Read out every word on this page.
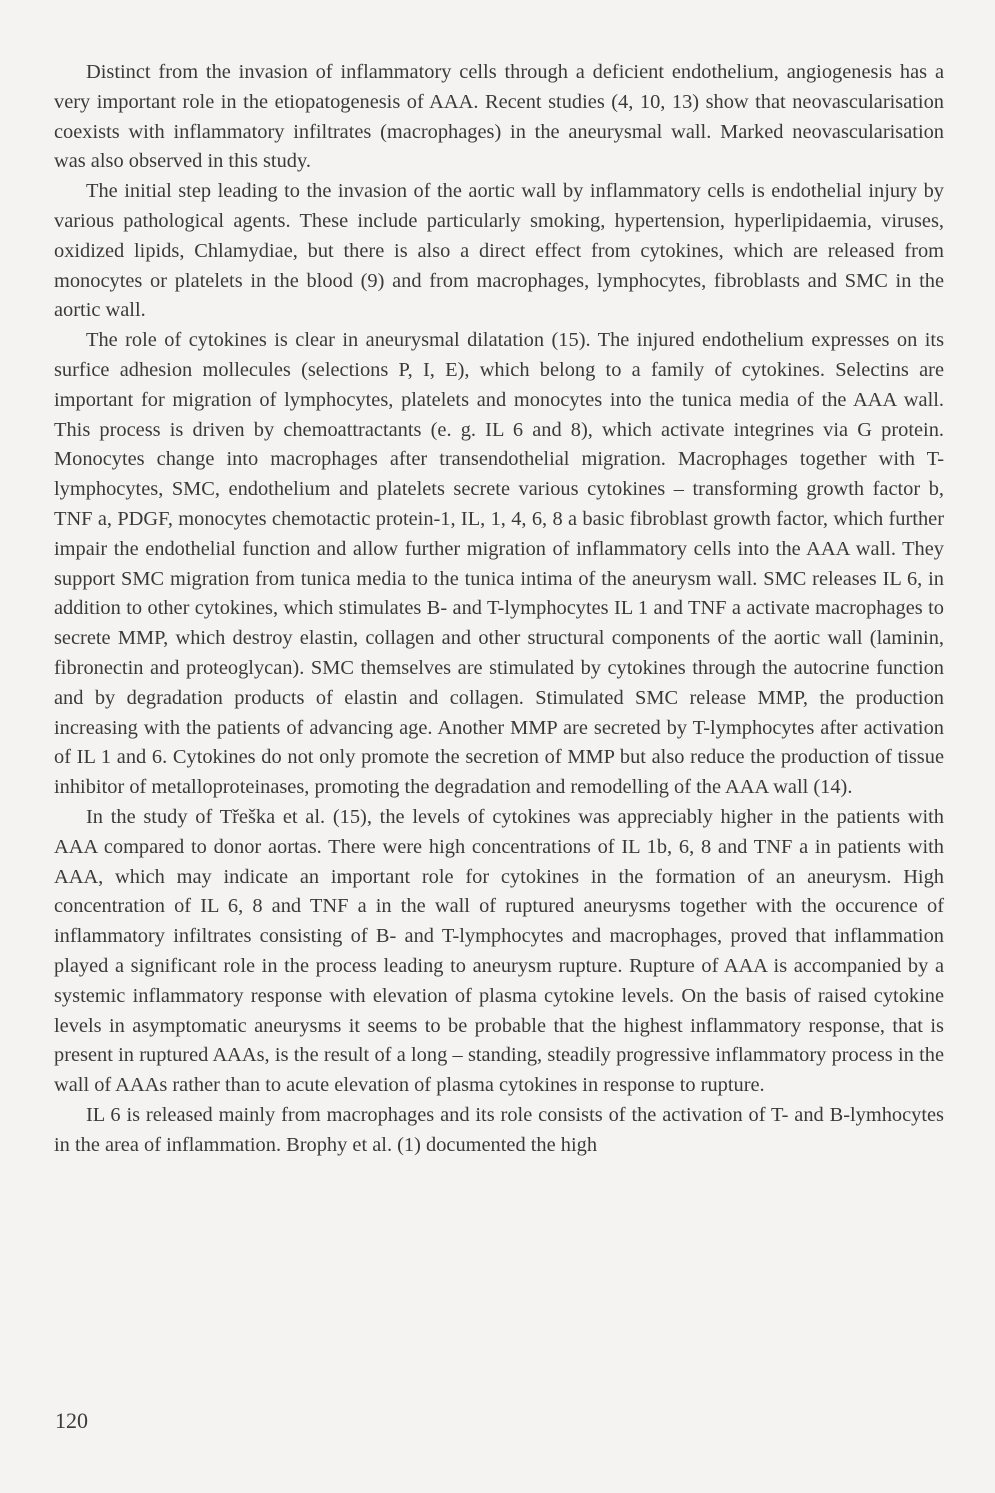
Distinct from the invasion of inflammatory cells through a deficient endothelium, angiogenesis has a very important role in the etiopatogenesis of AAA. Recent studies (4, 10, 13) show that neovascularisation coexists with inflammatory infiltrates (macrophages) in the aneurysmal wall. Marked neovascularisation was also observed in this study.

The initial step leading to the invasion of the aortic wall by inflammatory cells is endothelial injury by various pathological agents. These include particularly smoking, hypertension, hyperlipidaemia, viruses, oxidized lipids, Chlamydiae, but there is also a direct effect from cytokines, which are released from monocytes or platelets in the blood (9) and from macrophages, lymphocytes, fibroblasts and SMC in the aortic wall.

The role of cytokines is clear in aneurysmal dilatation (15). The injured endothelium expresses on its surfice adhesion mollecules (selections P, I, E), which belong to a family of cytokines. Selectins are important for migration of lymphocytes, platelets and monocytes into the tunica media of the AAA wall. This process is driven by chemoattractants (e. g. IL 6 and 8), which activate integrines via G protein. Monocytes change into macrophages after transendothelial migration. Macrophages together with T-lymphocytes, SMC, endothelium and platelets secrete various cytokines – transforming growth factor b, TNF a, PDGF, monocytes chemotactic protein-1, IL, 1, 4, 6, 8 a basic fibroblast growth factor, which further impair the endothelial function and allow further migration of inflammatory cells into the AAA wall. They support SMC migration from tunica media to the tunica intima of the aneurysm wall. SMC releases IL 6, in addition to other cytokines, which stimulates B- and T-lymphocytes IL 1 and TNF a activate macrophages to secrete MMP, which destroy elastin, collagen and other structural components of the aortic wall (laminin, fibronectin and proteoglycan). SMC themselves are stimulated by cytokines through the autocrine function and by degradation products of elastin and collagen. Stimulated SMC release MMP, the production increasing with the patients of advancing age. Another MMP are secreted by T-lymphocytes after activation of IL 1 and 6. Cytokines do not only promote the secretion of MMP but also reduce the production of tissue inhibitor of metalloproteinases, promoting the degradation and remodelling of the AAA wall (14).

In the study of Třeška et al. (15), the levels of cytokines was appreciably higher in the patients with AAA compared to donor aortas. There were high concentrations of IL 1b, 6, 8 and TNF a in patients with AAA, which may indicate an important role for cytokines in the formation of an aneurysm. High concentration of IL 6, 8 and TNF a in the wall of ruptured aneurysms together with the occurence of inflammatory infiltrates consisting of B- and T-lymphocytes and macrophages, proved that inflammation played a significant role in the process leading to aneurysm rupture. Rupture of AAA is accompanied by a systemic inflammatory response with elevation of plasma cytokine levels. On the basis of raised cytokine levels in asymptomatic aneurysms it seems to be probable that the highest inflammatory response, that is present in ruptured AAAs, is the result of a long – standing, steadily progressive inflammatory process in the wall of AAAs rather than to acute elevation of plasma cytokines in response to rupture.

IL 6 is released mainly from macrophages and its role consists of the activation of T- and B-lymhocytes in the area of inflammation. Brophy et al. (1) documented the high

120
